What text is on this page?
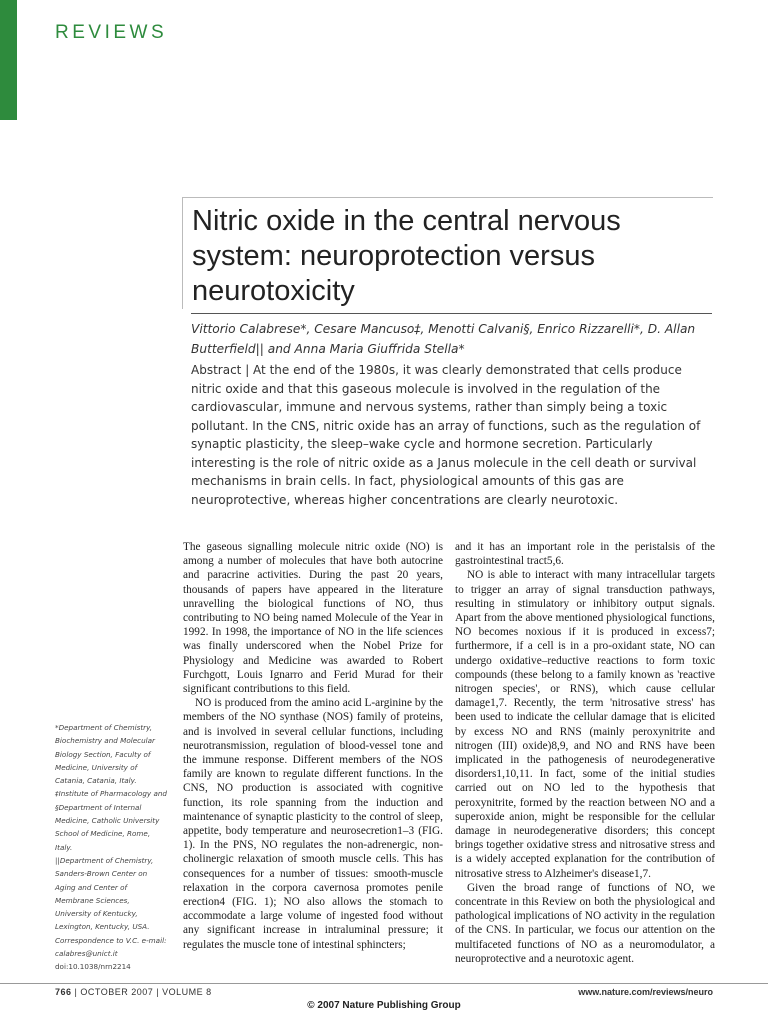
REVIEWS
Nitric oxide in the central nervous system: neuroprotection versus neurotoxicity
Vittorio Calabrese*, Cesare Mancuso‡, Menotti Calvani§, Enrico Rizzarelli*, D. Allan Butterfield|| and Anna Maria Giuffrida Stella*
Abstract | At the end of the 1980s, it was clearly demonstrated that cells produce nitric oxide and that this gaseous molecule is involved in the regulation of the cardiovascular, immune and nervous systems, rather than simply being a toxic pollutant. In the CNS, nitric oxide has an array of functions, such as the regulation of synaptic plasticity, the sleep–wake cycle and hormone secretion. Particularly interesting is the role of nitric oxide as a Janus molecule in the cell death or survival mechanisms in brain cells. In fact, physiological amounts of this gas are neuroprotective, whereas higher concentrations are clearly neurotoxic.

The gaseous signalling molecule nitric oxide (NO) is among a number of molecules that have both autocrine and paracrine activities. During the past 20 years, thousands of papers have appeared in the literature unravelling the biological functions of NO, thus contributing to NO being named Molecule of the Year in 1992. In 1998, the importance of NO in the life sciences was finally underscored when the Nobel Prize for Physiology and Medicine was awarded to Robert Furchgott, Louis Ignarro and Ferid Murad for their significant contributions to this field.

NO is produced from the amino acid L-arginine by the members of the NO synthase (NOS) family of proteins, and is involved in several cellular functions, including neurotransmission, regulation of blood-vessel tone and the immune response. Different members of the NOS family are known to regulate different functions. In the CNS, NO production is associated with cognitive function, its role spanning from the induction and maintenance of synaptic plasticity to the control of sleep, appetite, body temperature and neurosecretion1–3 (FIG. 1). In the PNS, NO regulates the non-adrenergic, non-cholinergic relaxation of smooth muscle cells. This has consequences for a number of tissues: smooth-muscle relaxation in the corpora cavernosa promotes penile erection4 (FIG. 1); NO also allows the stomach to accommodate a large volume of ingested food without any significant increase in intraluminal pressure; it regulates the muscle tone of intestinal sphincters;

and it has an important role in the peristalsis of the gastrointestinal tract5,6.

NO is able to interact with many intracellular targets to trigger an array of signal transduction pathways, resulting in stimulatory or inhibitory output signals. Apart from the above mentioned physiological functions, NO becomes noxious if it is produced in excess7; furthermore, if a cell is in a pro-oxidant state, NO can undergo oxidative–reductive reactions to form toxic compounds (these belong to a family known as 'reactive nitrogen species', or RNS), which cause cellular damage1,7. Recently, the term 'nitrosative stress' has been used to indicate the cellular damage that is elicited by excess NO and RNS (mainly peroxynitrite and nitrogen (III) oxide)8,9, and NO and RNS have been implicated in the pathogenesis of neurodegenerative disorders1,10,11. In fact, some of the initial studies carried out on NO led to the hypothesis that peroxynitrite, formed by the reaction between NO and a superoxide anion, might be responsible for the cellular damage in neurodegenerative disorders; this concept brings together oxidative stress and nitrosative stress and is a widely accepted explanation for the contribution of nitrosative stress to Alzheimer's disease1,7.

Given the broad range of functions of NO, we concentrate in this Review on both the physiological and pathological implications of NO activity in the regulation of the CNS. In particular, we focus our attention on the multifaceted functions of NO as a neuromodulator, a neuroprotective and a neurotoxic agent.

*Department of Chemistry, Biochemistry and Molecular Biology Section, Faculty of Medicine, University of Catania, Catania, Italy.

‡Institute of Pharmacology and §Department of Internal Medicine, Catholic University School of Medicine, Rome, Italy.

||Department of Chemistry, Sanders-Brown Center on Aging and Center of Membrane Sciences, University of Kentucky, Lexington, Kentucky, USA.

Correspondence to V.C. e-mail: calabres@unict.it

doi:10.1038/nrn2214

766 | OCTOBER 2007 | VOLUME 8	www.nature.com/reviews/neuro
© 2007 Nature Publishing Group
